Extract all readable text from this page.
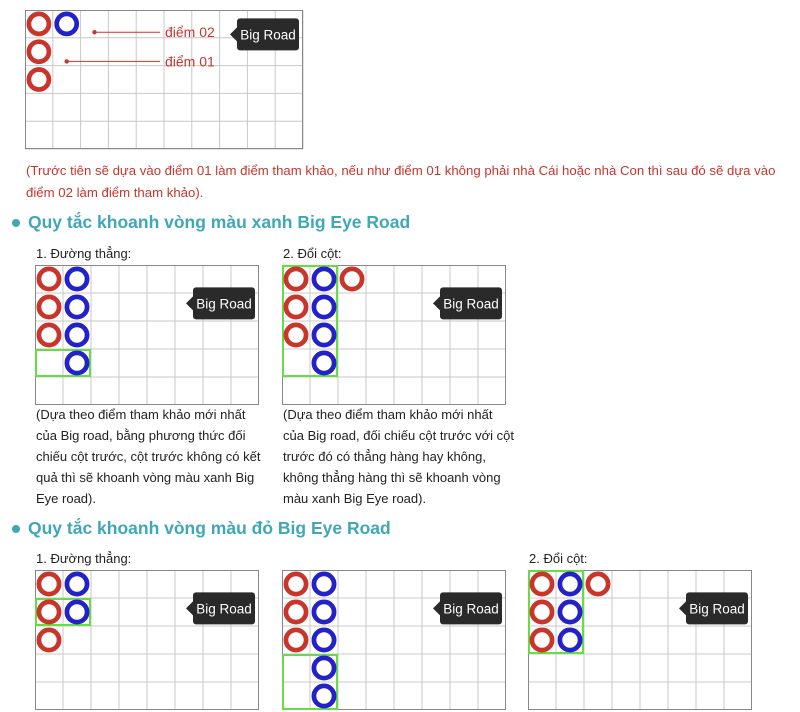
điểm 02
điểm 01
Big Road
(Trước tiên sẽ dựa vào điểm 01 làm điểm tham khảo, nếu như điểm 01 không phải nhà Cái hoặc nhà Con thì sau đó sẽ dựa vào điểm 02 làm điểm tham khảo).
Quy tắc khoanh vòng màu xanh Big Eye Road
1. Đường thẳng:	2. Đổi cột:
Big Road	Big Road
(Dựa theo điểm tham khảo mới nhất của Big road, bằng phương thức đối chiếu cột trước, cột trước không có kết quả thì sẽ khoanh vòng màu xanh Big Eye road).
(Dựa theo điểm tham khảo mới nhất của Big road, đối chiếu cột trước với cột trước đó có thẳng hàng hay không, không thẳng hàng thì sẽ khoanh vòng màu xanh Big Eye road).
Quy tắc khoanh vòng màu đỏ Big Eye Road
1. Đường thẳng:	2. Đổi cột:
Big Road	Big Road	Big Road
